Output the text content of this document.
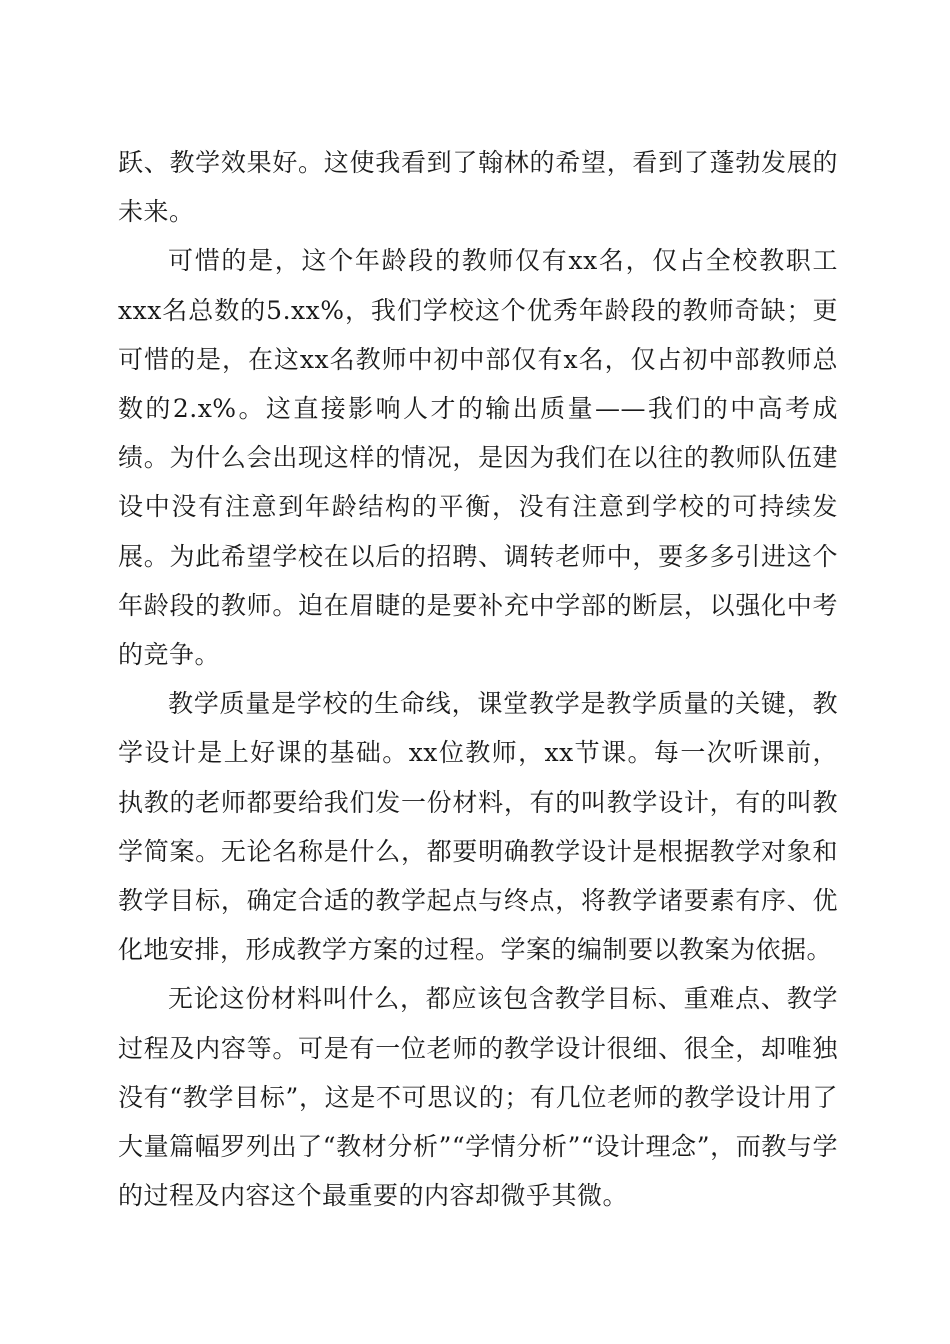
跃、教学效果好。这使我看到了翰林的希望，看到了蓬勃发展的未来。

可惜的是，这个年龄段的教师仅有xx名，仅占全校教职工xxx名总数的5.xx%，我们学校这个优秀年龄段的教师奇缺；更可惜的是，在这xx名教师中初中部仅有x名，仅占初中部教师总数的2.x%。这直接影响人才的输出质量——我们的中高考成绩。为什么会出现这样的情况，是因为我们在以往的教师队伍建设中没有注意到年龄结构的平衡，没有注意到学校的可持续发展。为此希望学校在以后的招聘、调转老师中，要多多引进这个年龄段的教师。迫在眉睫的是要补充中学部的断层，以强化中考的竞争。

教学质量是学校的生命线，课堂教学是教学质量的关键，教学设计是上好课的基础。xx位教师，xx节课。每一次听课前，执教的老师都要给我们发一份材料，有的叫教学设计，有的叫教学简案。无论名称是什么，都要明确教学设计是根据教学对象和教学目标，确定合适的教学起点与终点，将教学诸要素有序、优化地安排，形成教学方案的过程。学案的编制要以教案为依据。

无论这份材料叫什么，都应该包含教学目标、重难点、教学过程及内容等。可是有一位老师的教学设计很细、很全，却唯独没有“教学目标”，这是不可思议的；有几位老师的教学设计用了大量篇幅罗列出了“教材分析”“学情分析”“设计理念”，而教与学的过程及内容这个最重要的内容却微乎其微。
